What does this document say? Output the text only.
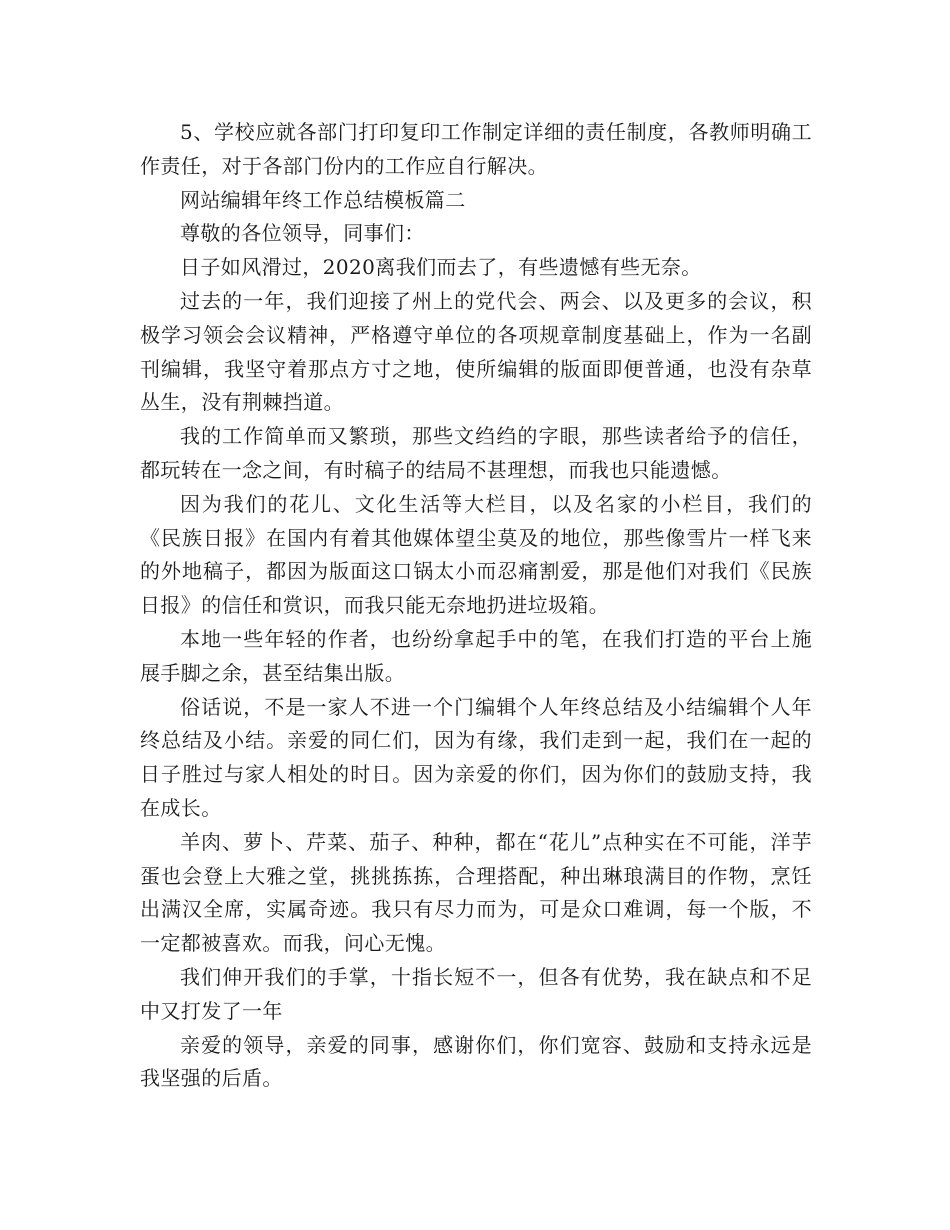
5、学校应就各部门打印复印工作制定详细的责任制度，各教师明确工作责任，对于各部门份内的工作应自行解决。

网站编辑年终工作总结模板篇二

尊敬的各位领导，同事们：

日子如风滑过，2020离我们而去了，有些遗憾有些无奈。

过去的一年，我们迎接了州上的党代会、两会、以及更多的会议，积极学习领会会议精神，严格遵守单位的各项规章制度基础上，作为一名副刊编辑，我坚守着那点方寸之地，使所编辑的版面即便普通，也没有杂草丛生，没有荆棘挡道。

我的工作简单而又繁琐，那些文绉绉的字眼，那些读者给予的信任，都玩转在一念之间，有时稿子的结局不甚理想，而我也只能遗憾。

因为我们的花儿、文化生活等大栏目，以及名家的小栏目，我们的《民族日报》在国内有着其他媒体望尘莫及的地位，那些像雪片一样飞来的外地稿子，都因为版面这口锅太小而忍痛割爱，那是他们对我们《民族日报》的信任和赏识，而我只能无奈地扔进垃圾箱。

本地一些年轻的作者，也纷纷拿起手中的笔，在我们打造的平台上施展手脚之余，甚至结集出版。

俗话说，不是一家人不进一个门编辑个人年终总结及小结编辑个人年终总结及小结。亲爱的同仁们，因为有缘，我们走到一起，我们在一起的日子胜过与家人相处的时日。因为亲爱的你们，因为你们的鼓励支持，我在成长。

羊肉、萝卜、芹菜、茄子、种种，都在“花儿”点种实在不可能，洋芋蛋也会登上大雅之堂，挑挑拣拣，合理搭配，种出琳琅满目的作物，烹饪出满汉全席，实属奇迹。我只有尽力而为，可是众口难调，每一个版，不一定都被喜欢。而我，问心无愧。

我们伸开我们的手掌，十指长短不一，但各有优势，我在缺点和不足中又打发了一年

亲爱的领导，亲爱的同事，感谢你们，你们宽容、鼓励和支持永远是我坚强的后盾。
